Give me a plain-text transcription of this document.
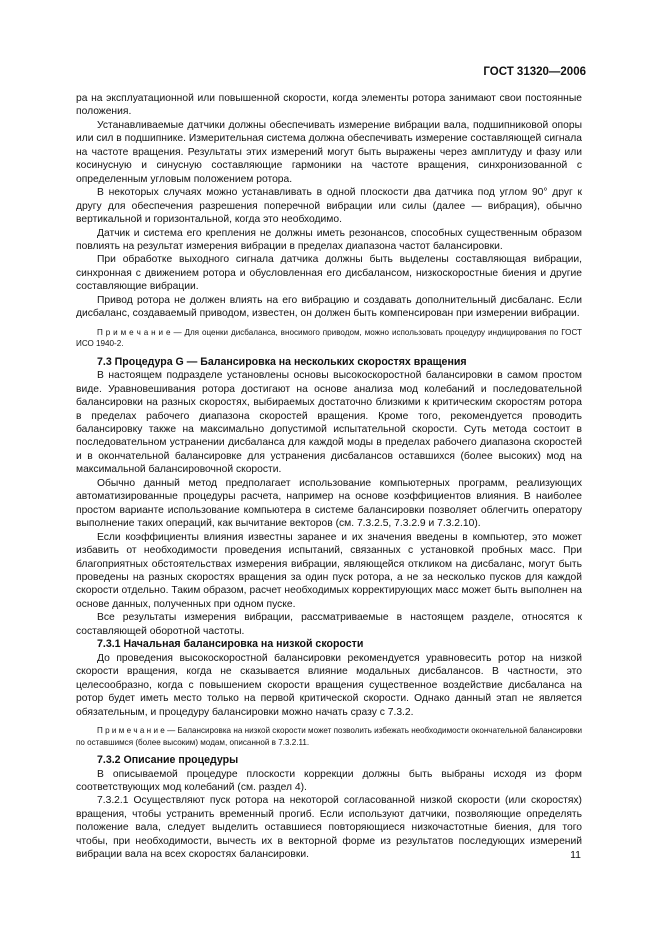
ГОСТ 31320—2006

ра на эксплуатационной или повышенной скорости, когда элементы ротора занимают свои постоянные положения.

Устанавливаемые датчики должны обеспечивать измерение вибрации вала, подшипниковой опоры или сил в подшипнике. Измерительная система должна обеспечивать измерение составляющей сигнала на частоте вращения. Результаты этих измерений могут быть выражены через амплитуду и фазу или косинусную и синусную составляющие гармоники на частоте вращения, синхронизованной с определенным угловым положением ротора.

В некоторых случаях можно устанавливать в одной плоскости два датчика под углом 90° друг к другу для обеспечения разрешения поперечной вибрации или силы (далее — вибрация), обычно вертикальной и горизонтальной, когда это необходимо.

Датчик и система его крепления не должны иметь резонансов, способных существенным образом повлиять на результат измерения вибрации в пределах диапазона частот балансировки.

При обработке выходного сигнала датчика должны быть выделены составляющая вибрации, синхронная с движением ротора и обусловленная его дисбалансом, низкоскоростные биения и другие составляющие вибрации.

Привод ротора не должен влиять на его вибрацию и создавать дополнительный дисбаланс. Если дисбаланс, создаваемый приводом, известен, он должен быть компенсирован при измерении вибрации.

П р и м е ч а н и е — Для оценки дисбаланса, вносимого приводом, можно использовать процедуру индицирования по ГОСТ ИСО 1940-2.

7.3 Процедура G — Балансировка на нескольких скоростях вращения

В настоящем подразделе установлены основы высокоскоростной балансировки в самом простом виде. Уравновешивания ротора достигают на основе анализа мод колебаний и последовательной балансировки на разных скоростях, выбираемых достаточно близкими к критическим скоростям ротора в пределах рабочего диапазона скоростей вращения. Кроме того, рекомендуется проводить балансировку также на максимально допустимой испытательной скорости. Суть метода состоит в последовательном устранении дисбаланса для каждой моды в пределах рабочего диапазона скоростей и в окончательной балансировке для устранения дисбалансов оставшихся (более высоких) мод на максимальной балансировочной скорости.

Обычно данный метод предполагает использование компьютерных программ, реализующих автоматизированные процедуры расчета, например на основе коэффициентов влияния. В наиболее простом варианте использование компьютера в системе балансировки позволяет облегчить оператору выполнение таких операций, как вычитание векторов (см. 7.3.2.5, 7.3.2.9 и 7.3.2.10).

Если коэффициенты влияния известны заранее и их значения введены в компьютер, это может избавить от необходимости проведения испытаний, связанных с установкой пробных масс. При благоприятных обстоятельствах измерения вибрации, являющейся откликом на дисбаланс, могут быть проведены на разных скоростях вращения за один пуск ротора, а не за несколько пусков для каждой скорости отдельно. Таким образом, расчет необходимых корректирующих масс может быть выполнен на основе данных, полученных при одном пуске.

Все результаты измерения вибрации, рассматриваемые в настоящем разделе, относятся к составляющей оборотной частоты.

7.3.1 Начальная балансировка на низкой скорости

До проведения высокоскоростной балансировки рекомендуется уравновесить ротор на низкой скорости вращения, когда не сказывается влияние модальных дисбалансов. В частности, это целесообразно, когда с повышением скорости вращения существенное воздействие дисбаланса на ротор будет иметь место только на первой критической скорости. Однако данный этап не является обязательным, и процедуру балансировки можно начать сразу с 7.3.2.

П р и м е ч а н и е — Балансировка на низкой скорости может позволить избежать необходимости окончательной балансировки по оставшимся (более высоким) модам, описанной в 7.3.2.11.

7.3.2 Описание процедуры

В описываемой процедуре плоскости коррекции должны быть выбраны исходя из форм соответствующих мод колебаний (см. раздел 4).

7.3.2.1 Осуществляют пуск ротора на некоторой согласованной низкой скорости (или скоростях) вращения, чтобы устранить временный прогиб. Если используют датчики, позволяющие определять положение вала, следует выделить оставшиеся повторяющиеся низкочастотные биения, для того чтобы, при необходимости, вычесть их в векторной форме из результатов последующих измерений вибрации вала на всех скоростях балансировки.	11
